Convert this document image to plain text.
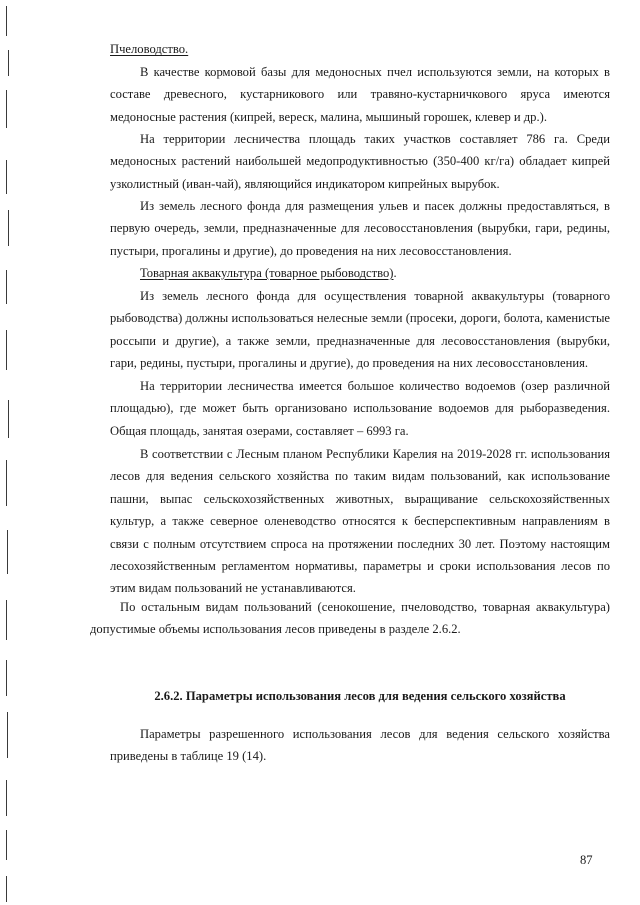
Пчеловодство.

В качестве кормовой базы для медоносных пчел используются земли, на которых в составе древесного, кустарникового или травяно-кустарничкового яруса имеются медоносные растения (кипрей, вереск, малина, мышиный горошек, клевер и др.).

На территории лесничества площадь таких участков составляет 786 га. Среди медоносных растений наибольшей медопродуктивностью (350-400 кг/га) обладает кипрей узколистный (иван-чай), являющийся индикатором кипрейных вырубок.

Из земель лесного фонда для размещения ульев и пасек должны предоставляться, в первую очередь, земли, предназначенные для лесовосстановления (вырубки, гари, редины, пустыри, прогалины и другие), до проведения на них лесовосстановления.

Товарная аквакультура (товарное рыбоводство).

Из земель лесного фонда для осуществления товарной аквакультуры (товарного рыбоводства) должны использоваться нелесные земли (просеки, дороги, болота, каменистые россыпи и другие), а также земли, предназначенные для лесовосстановления (вырубки, гари, редины, пустыри, прогалины и другие), до проведения на них лесовосстановления.

На территории лесничества имеется большое количество водоемов (озер различной площадью), где может быть организовано использование водоемов для рыборазведения. Общая площадь, занятая озерами, составляет – 6993 га.

В соответствии с Лесным планом Республики Карелия на 2019-2028 гг. использования лесов для ведения сельского хозяйства по таким видам пользований, как использование пашни, выпас сельскохозяйственных животных, выращивание сельскохозяйственных культур, а также северное оленеводство относятся к бесперспективным направлениям в связи с полным отсутствием спроса на протяжении последних 30 лет. Поэтому настоящим лесохозяйственным регламентом нормативы, параметры и сроки использования лесов по этим видам пользований не устанавливаются.

По остальным видам пользований (сенокошение, пчеловодство, товарная аквакультура) допустимые объемы использования лесов приведены в разделе 2.6.2.

2.6.2. Параметры использования лесов для ведения сельского хозяйства

Параметры разрешенного использования лесов для ведения сельского хозяйства приведены в таблице 19 (14).

87
